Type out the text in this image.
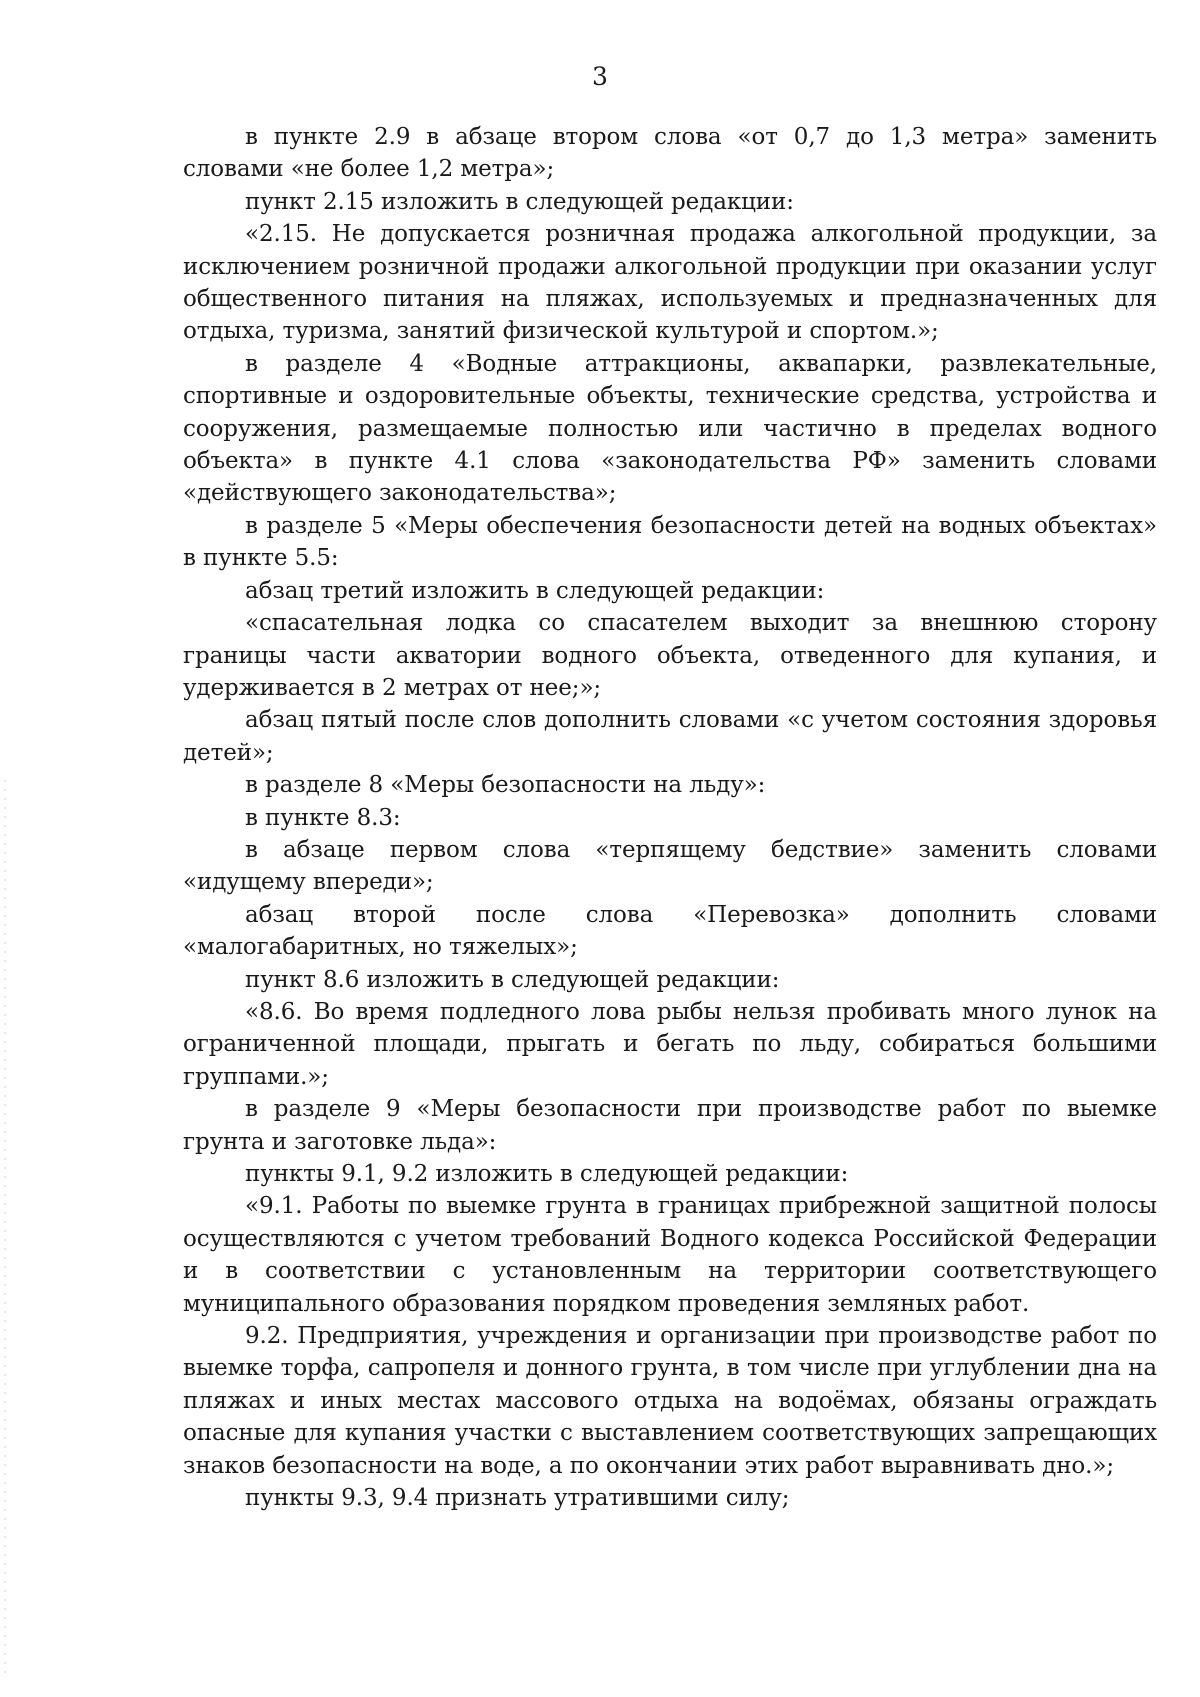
3

в пункте 2.9 в абзаце втором слова «от 0,7 до 1,3 метра» заменить словами «не более 1,2 метра»;

пункт 2.15 изложить в следующей редакции:

«2.15. Не допускается розничная продажа алкогольной продукции, за исключением розничной продажи алкогольной продукции при оказании услуг общественного питания на пляжах, используемых и предназначенных для отдыха, туризма, занятий физической культурой и спортом.»;

в разделе 4 «Водные аттракционы, аквапарки, развлекательные, спортивные и оздоровительные объекты, технические средства, устройства и сооружения, размещаемые полностью или частично в пределах водного объекта» в пункте 4.1 слова «законодательства РФ» заменить словами «действующего законодательства»;

в разделе 5 «Меры обеспечения безопасности детей на водных объектах» в пункте 5.5:

абзац третий изложить в следующей редакции:

«спасательная лодка со спасателем выходит за внешнюю сторону границы части акватории водного объекта, отведенного для купания, и удерживается в 2 метрах от нее;»;

абзац пятый после слов дополнить словами «с учетом состояния здоровья детей»;

в разделе 8 «Меры безопасности на льду»:

в пункте 8.3:

в абзаце первом слова «терпящему бедствие» заменить словами «идущему впереди»;

абзац второй после слова «Перевозка» дополнить словами «малогабаритных, но тяжелых»;

пункт 8.6 изложить в следующей редакции:

«8.6. Во время подледного лова рыбы нельзя пробивать много лунок на ограниченной площади, прыгать и бегать по льду, собираться большими группами.»;

в разделе 9 «Меры безопасности при производстве работ по выемке грунта и заготовке льда»:

пункты 9.1, 9.2 изложить в следующей редакции:

«9.1. Работы по выемке грунта в границах прибрежной защитной полосы осуществляются с учетом требований Водного кодекса Российской Федерации и в соответствии с установленным на территории соответствующего муниципального образования порядком проведения земляных работ.

9.2. Предприятия, учреждения и организации при производстве работ по выемке торфа, сапропеля и донного грунта, в том числе при углублении дна на пляжах и иных местах массового отдыха на водоёмах, обязаны ограждать опасные для купания участки с выставлением соответствующих запрещающих знаков безопасности на воде, а по окончании этих работ выравнивать дно.»;

пункты 9.3, 9.4 признать утратившими силу;
